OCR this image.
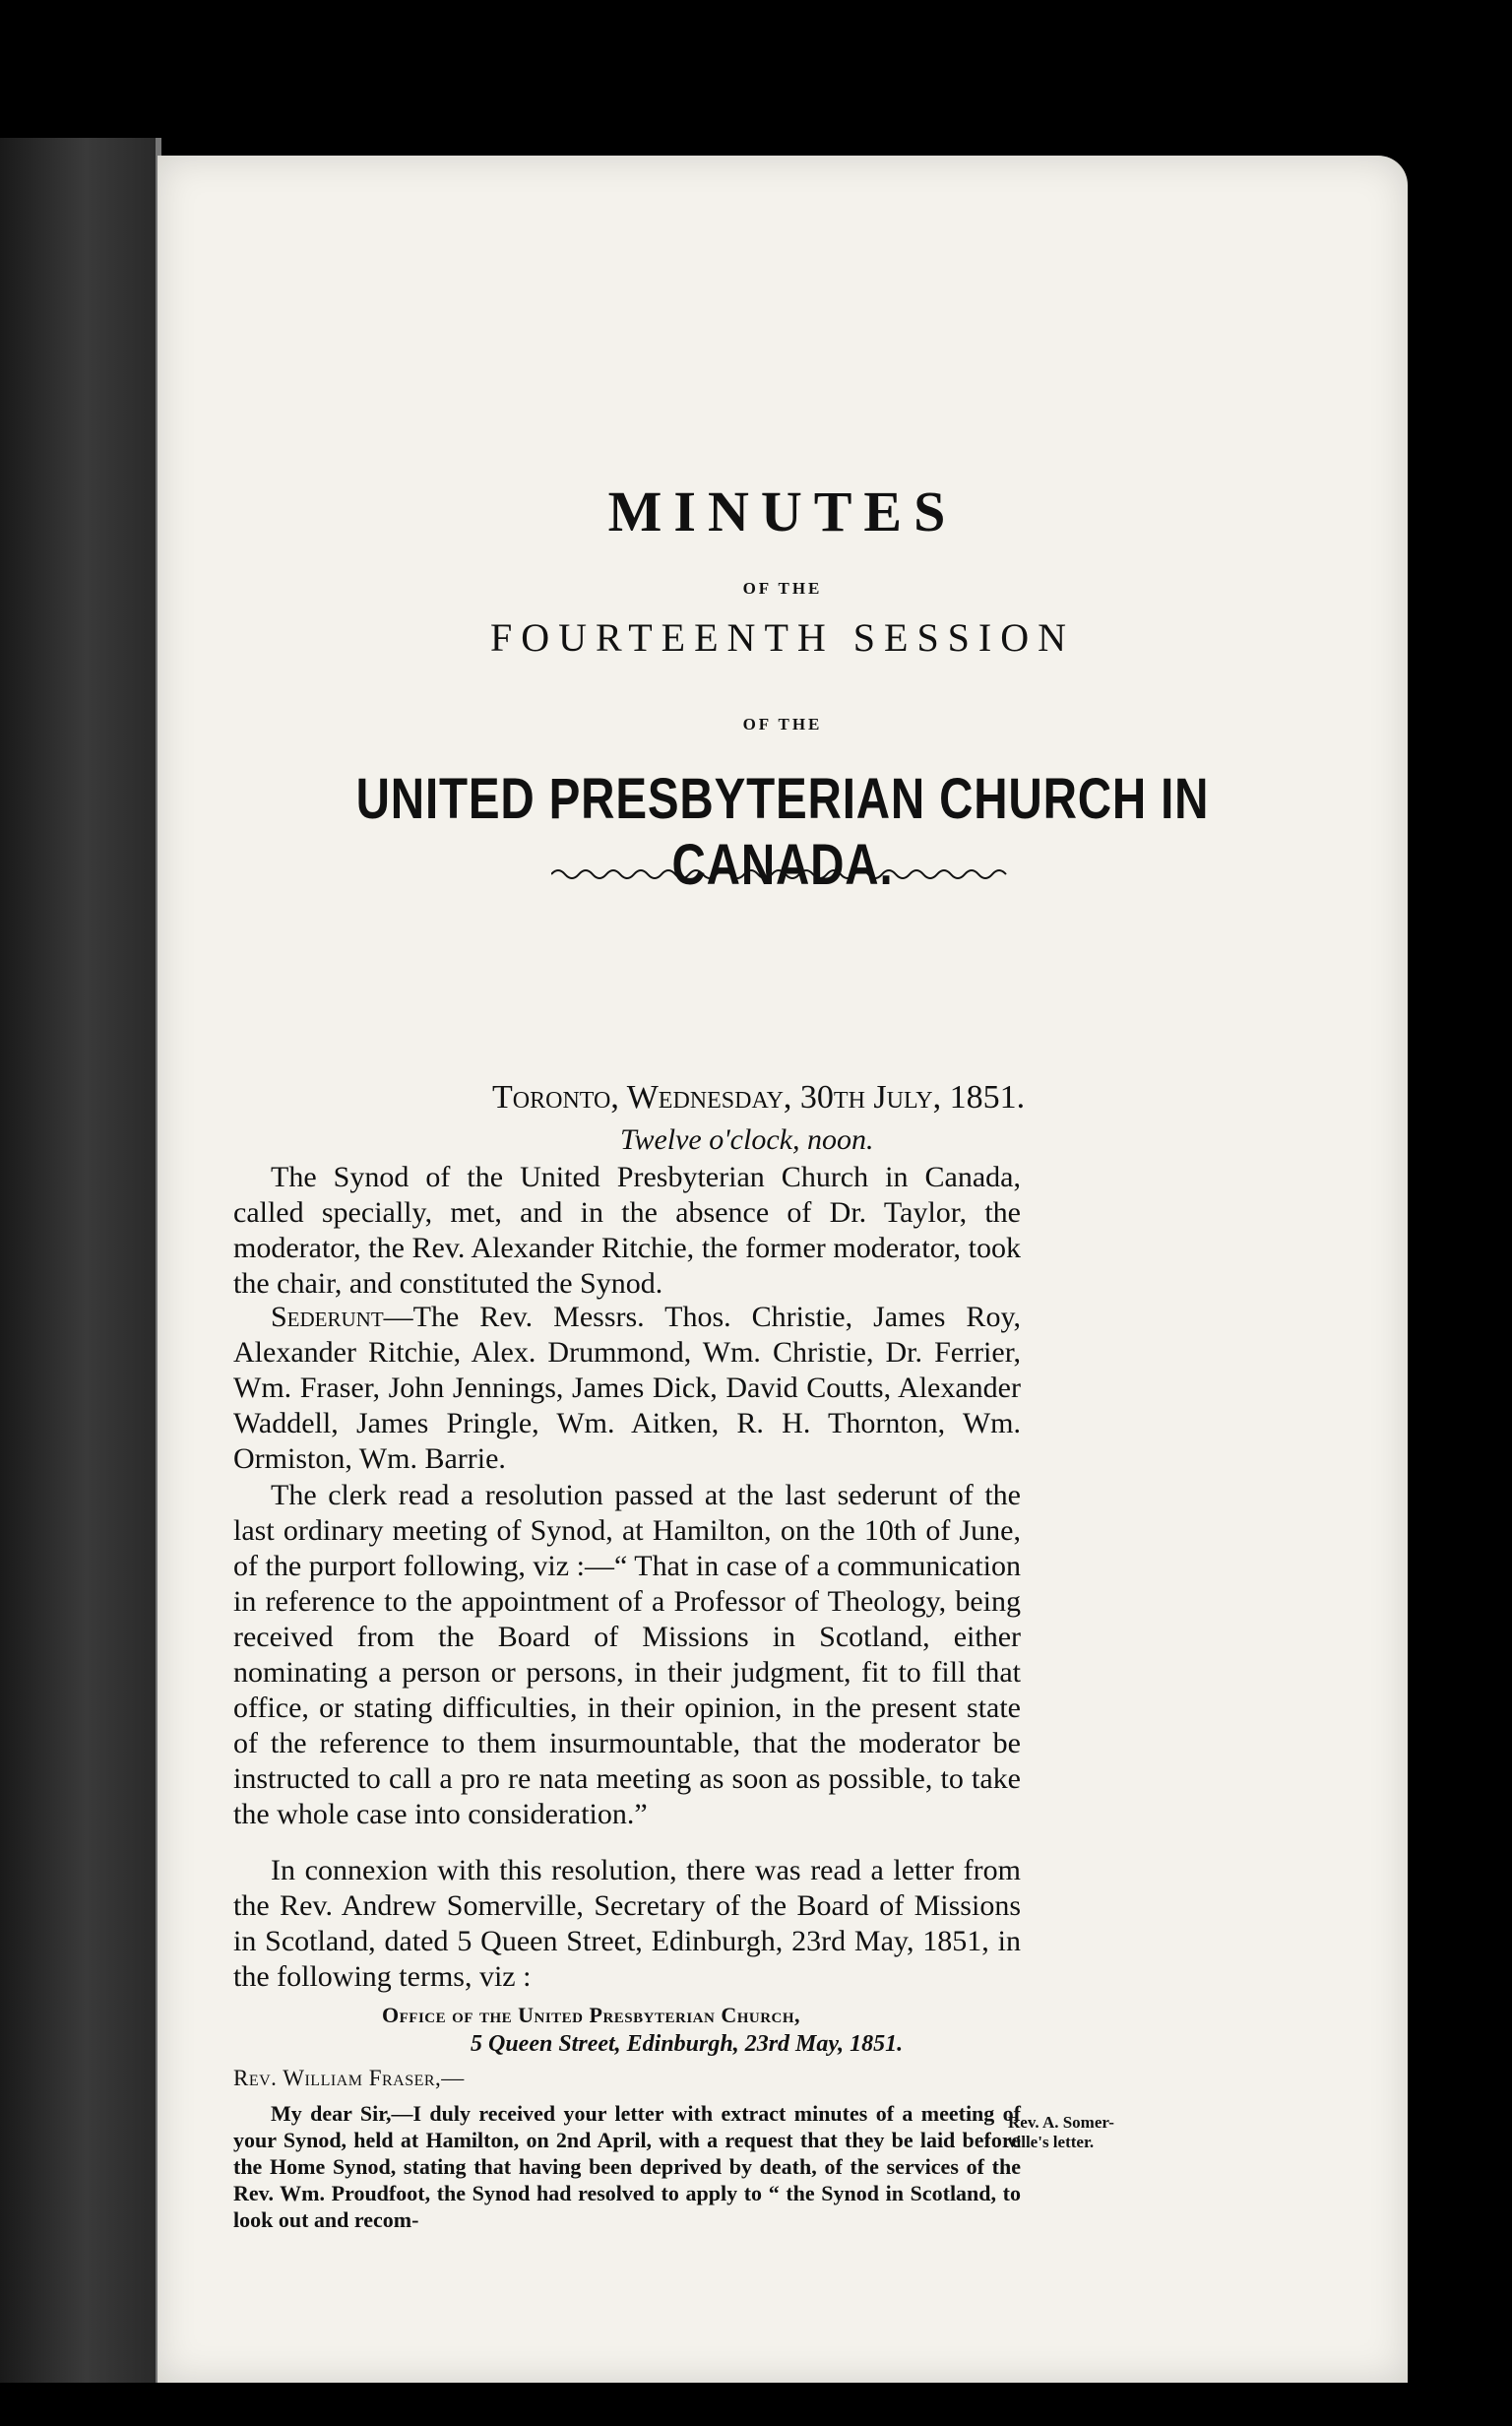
MINUTES
OF THE
FOURTEENTH SESSION
OF THE
UNITED PRESBYTERIAN CHURCH IN CANADA.
Toronto, Wednesday, 30th July, 1851.
Twelve o'clock, noon.

The Synod of the United Presbyterian Church in Canada, called specially, met, and in the absence of Dr. Taylor, the moderator, the Rev. Alexander Ritchie, the former moderator, took the chair, and constituted the Synod.

Sederunt—The Rev. Messrs. Thos. Christie, James Roy, Alexander Ritchie, Alex. Drummond, Wm. Christie, Dr. Ferrier, Wm. Fraser, John Jennings, James Dick, David Coutts, Alexander Waddell, James Pringle, Wm. Aitken, R. H. Thornton, Wm. Ormiston, Wm. Barrie.

The clerk read a resolution passed at the last sederunt of the last ordinary meeting of Synod, at Hamilton, on the 10th of June, of the purport following, viz :—“ That in case of a communication in reference to the appointment of a Professor of Theology, being received from the Board of Missions in Scotland, either nominating a person or persons, in their judgment, fit to fill that office, or stating difficulties, in their opinion, in the present state of the reference to them insurmountable, that the moderator be instructed to call a pro re nata meeting as soon as possible, to take the whole case into consideration.”

In connexion with this resolution, there was read a letter from the Rev. Andrew Somerville, Secretary of the Board of Missions in Scotland, dated 5 Queen Street, Edinburgh, 23rd May, 1851, in the following terms, viz :

Office of the United Presbyterian Church,
5 Queen Street, Edinburgh, 23rd May, 1851.
Rev. William Fraser,—

My dear Sir,—I duly received your letter with extract minutes of a meeting of your Synod, held at Hamilton, on 2nd April, with a request that they be laid before the Home Synod, stating that having been deprived by death, of the services of the Rev. Wm. Proudfoot, the Synod had resolved to apply to “ the Synod in Scotland, to look out and recom-

Rev. A. Somer-
ville's letter.
